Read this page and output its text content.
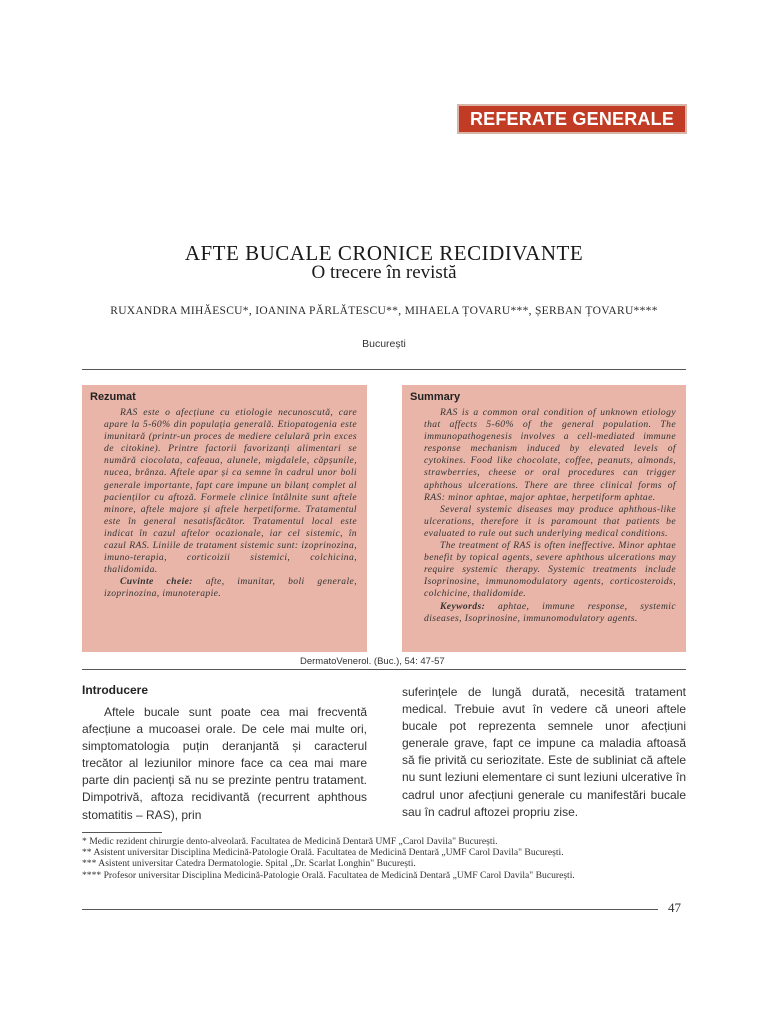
REFERATE GENERALE
AFTE BUCALE CRONICE RECIDIVANTE
O trecere în revistă
RUXANDRA MIHĂESCU*, IOANINA PĂRLĂTESCU**, MIHAELA ȚOVARU***, ȘERBAN ȚOVARU****
București
Rezumat

RAS este o afecțiune cu etiologie necunoscută, care apare la 5-60% din populația generală. Etiopatogenia este imunitară (printr-un proces de mediere celulară prin exces de citokine). Printre factorii favorizanți alimentari se numără ciocolata, cafeaua, alunele, migdalele, căpșunile, nucea, brânza. Aftele apar și ca semne în cadrul unor boli generale importante, fapt care impune un bilanț complet al pacienților cu aftoză. Formele clinice întâlnite sunt aftele minore, aftele majore și aftele herpetiforme. Tratamentul este în general nesatisfăcător. Tratamentul local este indicat în cazul aftelor ocazionale, iar cel sistemic, în cazul RAS. Liniile de tratament sistemic sunt: izoprinozina, imuno-terapia, corticoizii sistemici, colchicina, thalidomida.

Cuvinte cheie: afte, imunitar, boli generale, izoprinozina, imunoterapie.

Summary

RAS is a common oral condition of unknown etiology that affects 5-60% of the general population. The immunopathogenesis involves a cell-mediated immune response mechanism induced by elevated levels of cytokines. Food like chocolate, coffee, peanuts, almonds, strawberries, cheese or oral procedures can trigger aphthous ulcerations. There are three clinical forms of RAS: minor aphtae, major aphtae, herpetiform aphtae.

Several systemic diseases may produce aphthous-like ulcerations, therefore it is paramount that patients be evaluated to rule out such underlying medical conditions.

The treatment of RAS is often ineffective. Minor aphtae benefit by topical agents, severe aphthous ulcerations may require systemic therapy. Systemic treatments include Isoprinosine, immunomodulatory agents, corticosteroids, colchicine, thalidomide.

Keywords: aphtae, immune response, systemic diseases, Isoprinosine, immunomodulatory agents.

DermatoVenerol. (Buc.), 54: 47-57
Introducere
Aftele bucale sunt poate cea mai frecventă afecțiune a mucoasei orale. De cele mai multe ori, simptomatologia puțin deranjantă și caracterul trecător al leziunilor minore face ca cea mai mare parte din pacienți să nu se prezinte pentru tratament. Dimpotrivă, aftoza recidivantă (recurrent aphthous stomatitis – RAS), prin
suferințele de lungă durată, necesită tratament medical. Trebuie avut în vedere că uneori aftele bucale pot reprezenta semnele unor afecțiuni generale grave, fapt ce impune ca maladia aftoasă să fie privită cu seriozitate. Este de subliniat că aftele nu sunt leziuni elementare ci sunt leziuni ulcerative în cadrul unor afecțiuni generale cu manifestări bucale sau în cadrul aftozei propriu zise.
* Medic rezident chirurgie dento-alveolară. Facultatea de Medicină Dentară UMF „Carol Davila" București.
** Asistent universitar Disciplina Medicină-Patologie Orală. Facultatea de Medicină Dentară „UMF Carol Davila" București.
*** Asistent universitar Catedra Dermatologie. Spital „Dr. Scarlat Longhin" București.
**** Profesor universitar Disciplina Medicină-Patologie Orală. Facultatea de Medicină Dentară „UMF Carol Davila" București.
47
